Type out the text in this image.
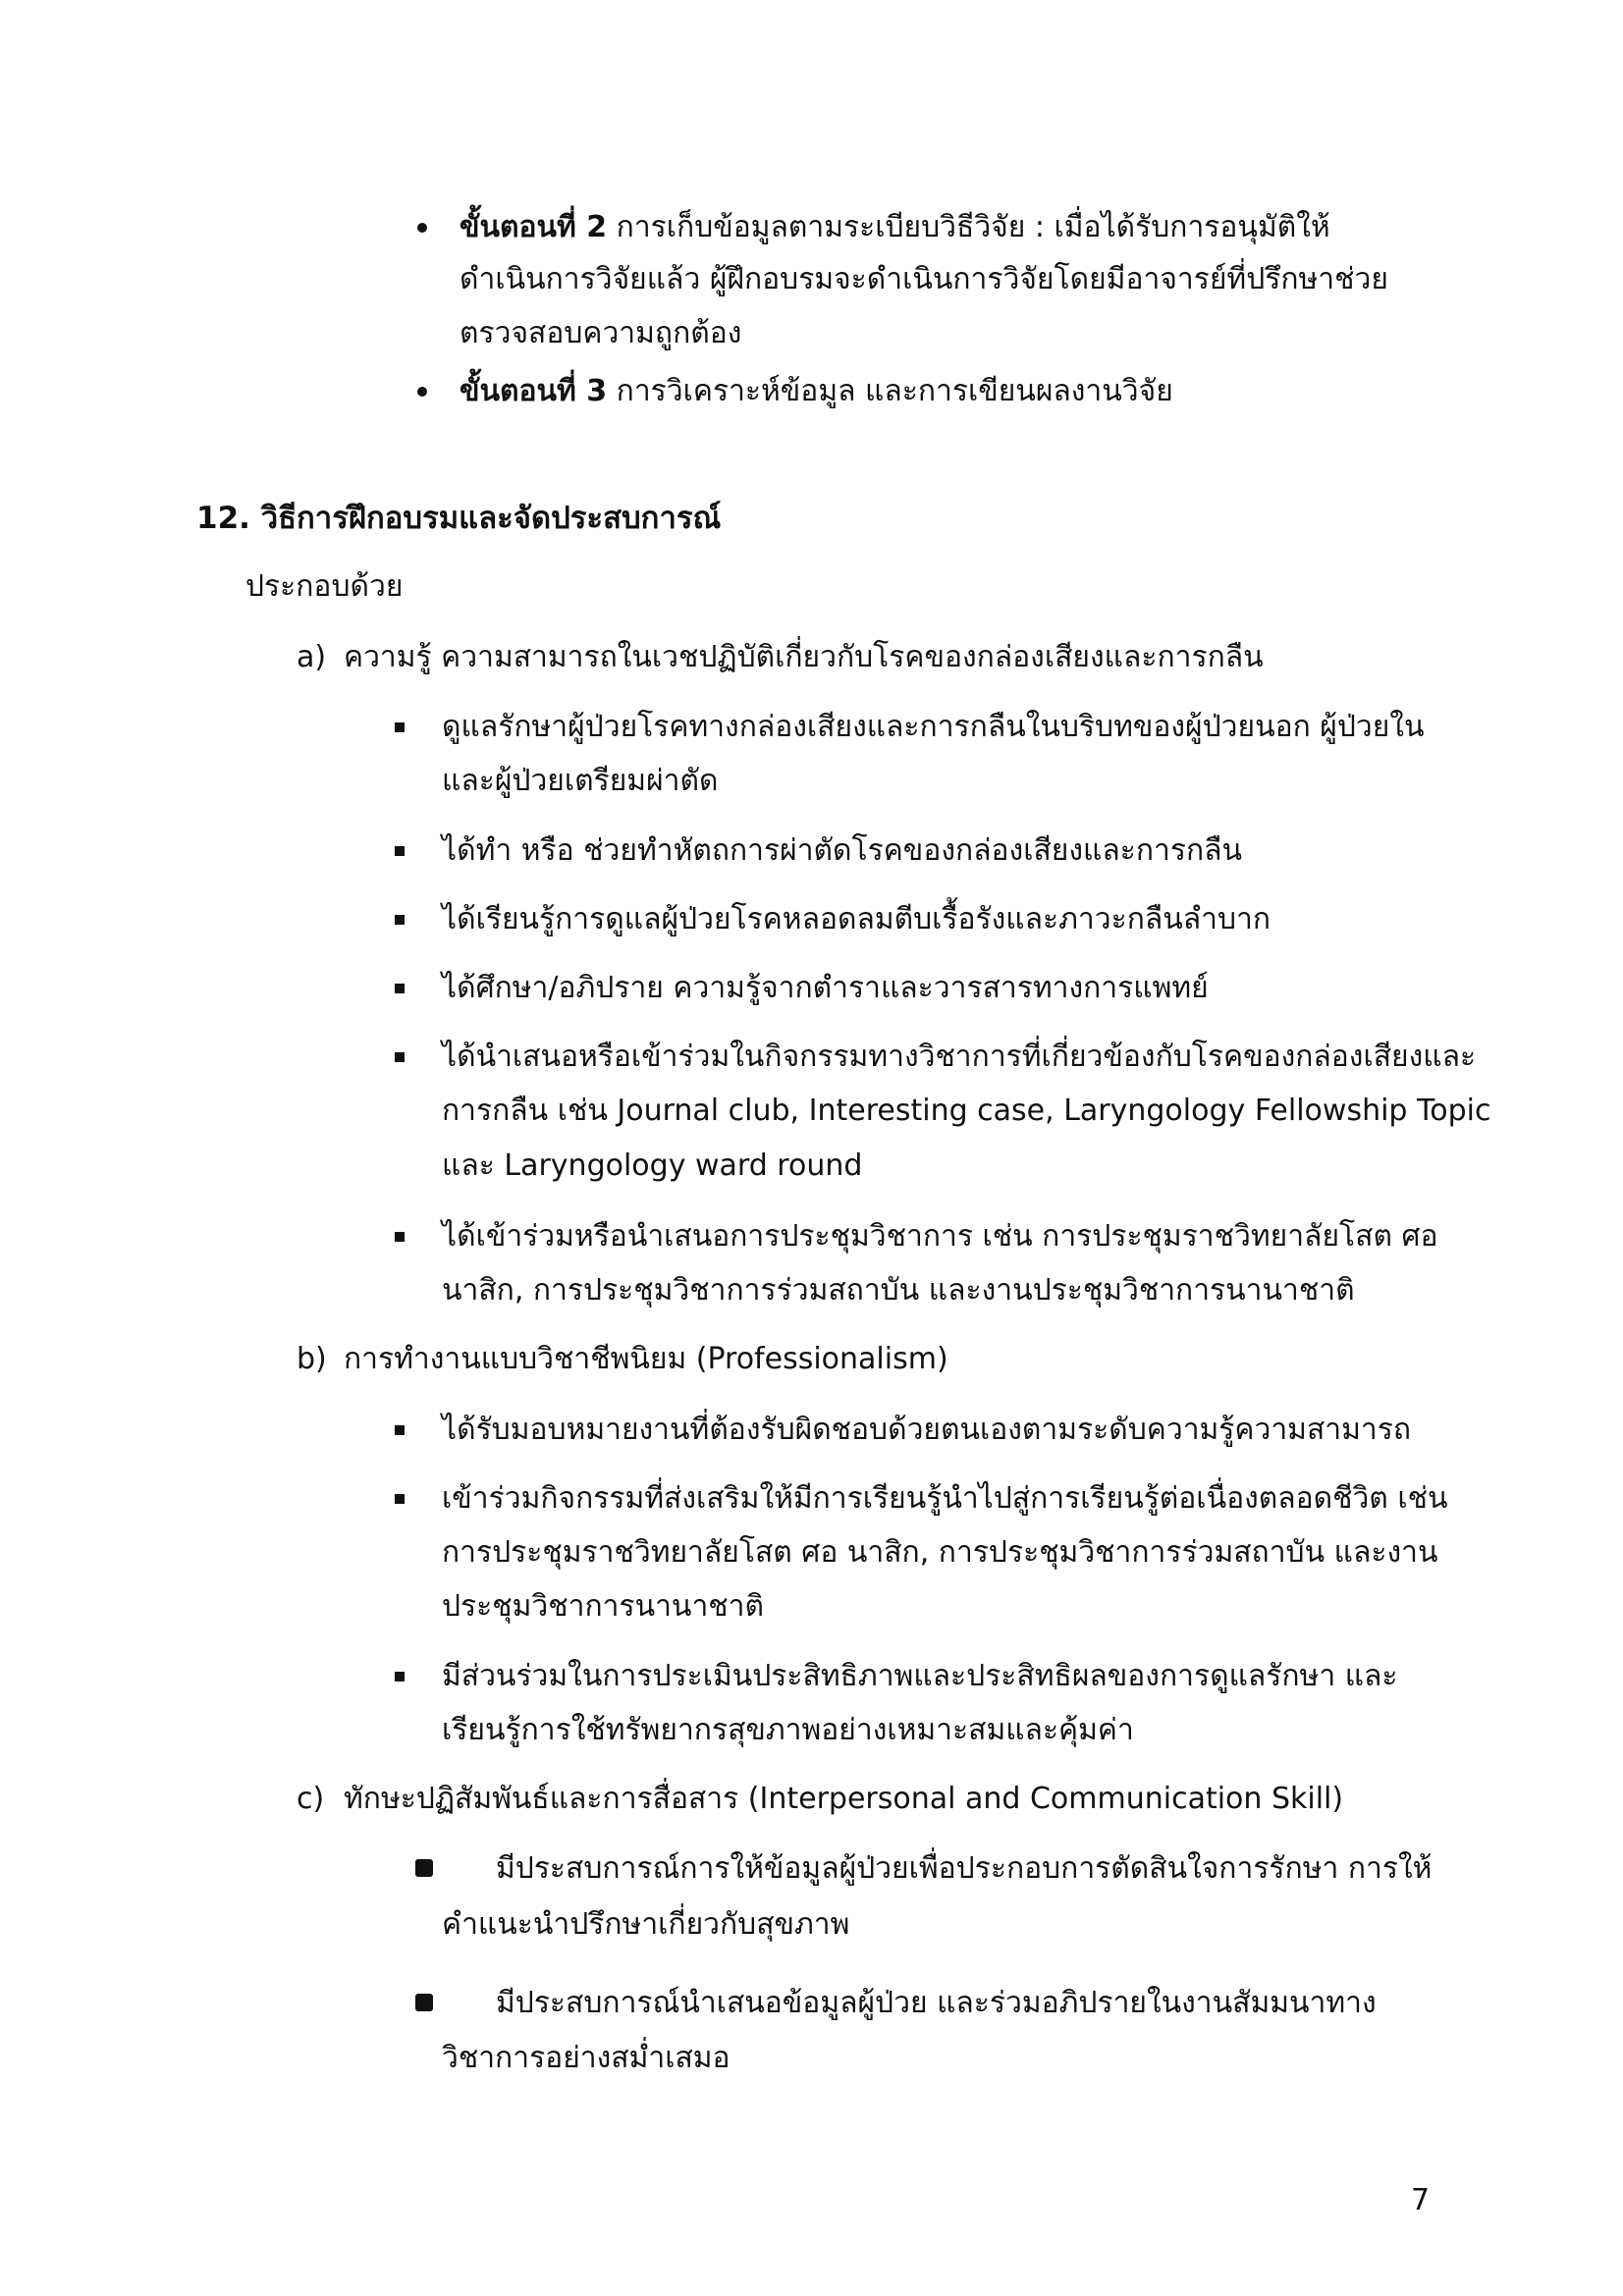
ขั้นตอนที่ 2 การเก็บข้อมูลตามระเบียบวิธีวิจัย : เมื่อได้รับการอนุมัติให้
ดำเนินการวิจัยแล้ว ผู้ฝึกอบรมจะดำเนินการวิจัยโดยมีอาจารย์ที่ปรึกษาช่วย
ตรวจสอบความถูกต้อง
ขั้นตอนที่ 3 การวิเคราะห์ข้อมูล และการเขียนผลงานวิจัย
12. วิธีการฝึกอบรมและจัดประสบการณ์
ประกอบด้วย
a) ความรู้ ความสามารถในเวชปฏิบัติเกี่ยวกับโรคของกล่องเสียงและการกลืน
ดูแลรักษาผู้ป่วยโรคทางกล่องเสียงและการกลืนในบริบทของผู้ป่วยนอก ผู้ป่วยใน
และผู้ป่วยเตรียมผ่าตัด
ได้ทำ หรือ ช่วยทำหัตถการผ่าตัดโรคของกล่องเสียงและการกลืน
ได้เรียนรู้การดูแลผู้ป่วยโรคหลอดลมตีบเรื้อรังและภาวะกลืนลำบาก
ได้ศึกษา/อภิปราย ความรู้จากตำราและวารสารทางการแพทย์
ได้นำเสนอหรือเข้าร่วมในกิจกรรมทางวิชาการที่เกี่ยวข้องกับโรคของกล่องเสียงและ
การกลืน เช่น Journal club, Interesting case, Laryngology Fellowship Topic
และ Laryngology ward round
ได้เข้าร่วมหรือนำเสนอการประชุมวิชาการ เช่น การประชุมราชวิทยาลัยโสต ศอ
นาสิก, การประชุมวิชาการร่วมสถาบัน และงานประชุมวิชาการนานาชาติ
b) การทำงานแบบวิชาชีพนิยม (Professionalism)
ได้รับมอบหมายงานที่ต้องรับผิดชอบด้วยตนเองตามระดับความรู้ความสามารถ
เข้าร่วมกิจกรรมที่ส่งเสริมให้มีการเรียนรู้นำไปสู่การเรียนรู้ต่อเนื่องตลอดชีวิต เช่น
การประชุมราชวิทยาลัยโสต ศอ นาสิก, การประชุมวิชาการร่วมสถาบัน และงาน
ประชุมวิชาการนานาชาติ
มีส่วนร่วมในการประเมินประสิทธิภาพและประสิทธิผลของการดูแลรักษา และ
เรียนรู้การใช้ทรัพยากรสุขภาพอย่างเหมาะสมและคุ้มค่า
c) ทักษะปฏิสัมพันธ์และการสื่อสาร (Interpersonal and Communication Skill)
มีประสบการณ์การให้ข้อมูลผู้ป่วยเพื่อประกอบการตัดสินใจการรักษา การให้
คำแนะนำปรึกษาเกี่ยวกับสุขภาพ
มีประสบการณ์นำเสนอข้อมูลผู้ป่วย และร่วมอภิปรายในงานสัมมนาทาง
วิชาการอย่างสม่ำเสมอ
7
